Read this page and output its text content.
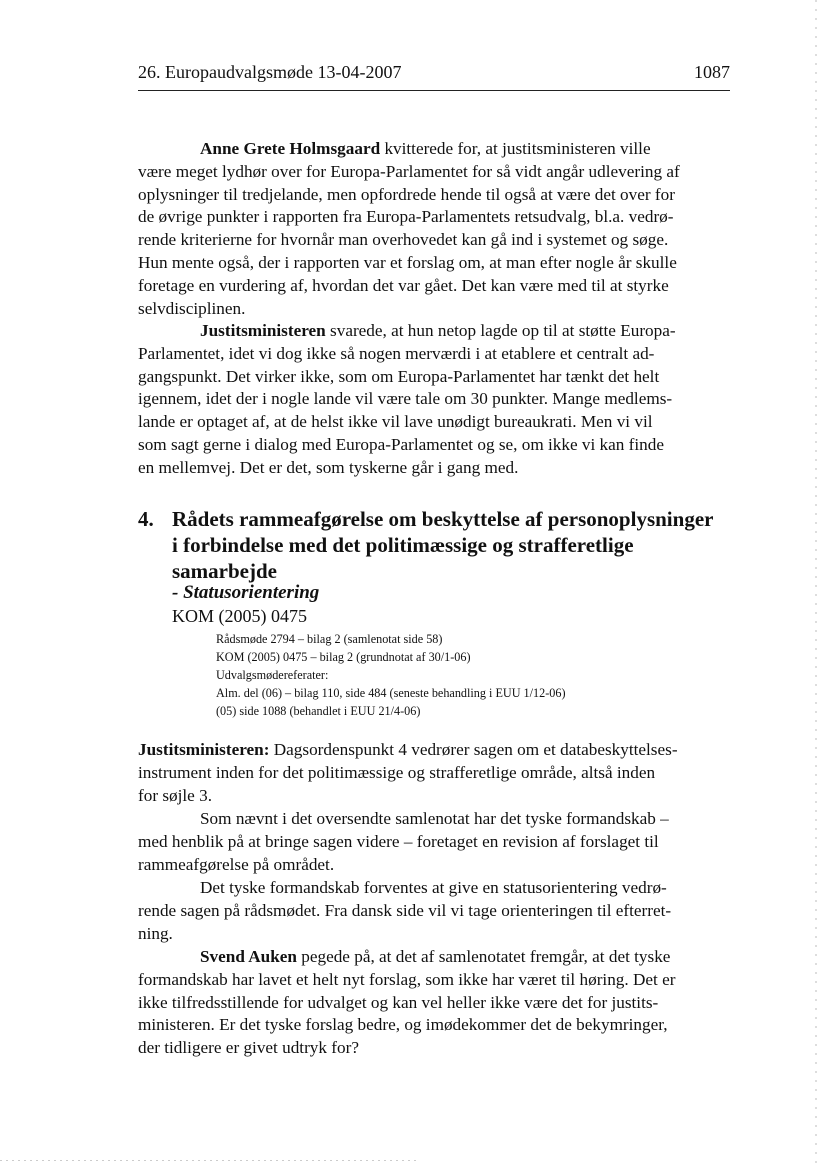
26. Europaudvalgsmøde 13-04-2007	1087
Anne Grete Holmsgaard kvitterede for, at justitsministeren ville
være meget lydhør over for Europa-Parlamentet for så vidt angår udlevering af
oplysninger til tredjelande, men opfordrede hende til også at være det over for
de øvrige punkter i rapporten fra Europa-Parlamentets retsudvalg, bl.a. vedrø-
rende kriterierne for hvornår man overhovedet kan gå ind i systemet og søge.
Hun mente også, der i rapporten var et forslag om, at man efter nogle år skulle
foretage en vurdering af, hvordan det var gået. Det kan være med til at styrke
selvdisciplinen.
Justitsministeren svarede, at hun netop lagde op til at støtte Europa-
Parlamentet, idet vi dog ikke så nogen merværdi i at etablere et centralt ad-
gangspunkt. Det virker ikke, som om Europa-Parlamentet har tænkt det helt
igennem, idet der i nogle lande vil være tale om 30 punkter. Mange medlems-
lande er optaget af, at de helst ikke vil lave unødigt bureaukrati. Men vi vil
som sagt gerne i dialog med Europa-Parlamentet og se, om ikke vi kan finde
en mellemvej. Det er det, som tyskerne går i gang med.
4. Rådets rammeafgørelse om beskyttelse af personoplysninger
i forbindelse med det politimæssige og strafferetlige
samarbejde
- Statusorientering
KOM (2005) 0475
Rådsmøde 2794 – bilag 2 (samlenotat side 58)
KOM (2005) 0475 – bilag 2 (grundnotat af 30/1-06)
Udvalgsmødereferater:
Alm. del (06) – bilag 110, side 484 (seneste behandling i EUU 1/12-06)
(05) side 1088 (behandlet i EUU 21/4-06)
Justitsministeren: Dagsordenspunkt 4 vedrører sagen om et databeskyttelses-
instrument inden for det politimæssige og strafferetlige område, altså inden
for søjle 3.
Som nævnt i det oversendte samlenotat har det tyske formandskab –
med henblik på at bringe sagen videre – foretaget en revision af forslaget til
rammeafgørelse på området.
Det tyske formandskab forventes at give en statusorientering vedrø-
rende sagen på rådsmødet. Fra dansk side vil vi tage orienteringen til efterret-
ning.
Svend Auken pegede på, at det af samlenotatet fremgår, at det tyske
formandskab har lavet et helt nyt forslag, som ikke har været til høring. Det er
ikke tilfredsstillende for udvalget og kan vel heller ikke være det for justits-
ministeren. Er det tyske forslag bedre, og imødekommer det de bekymringer,
der tidligere er givet udtryk for?
